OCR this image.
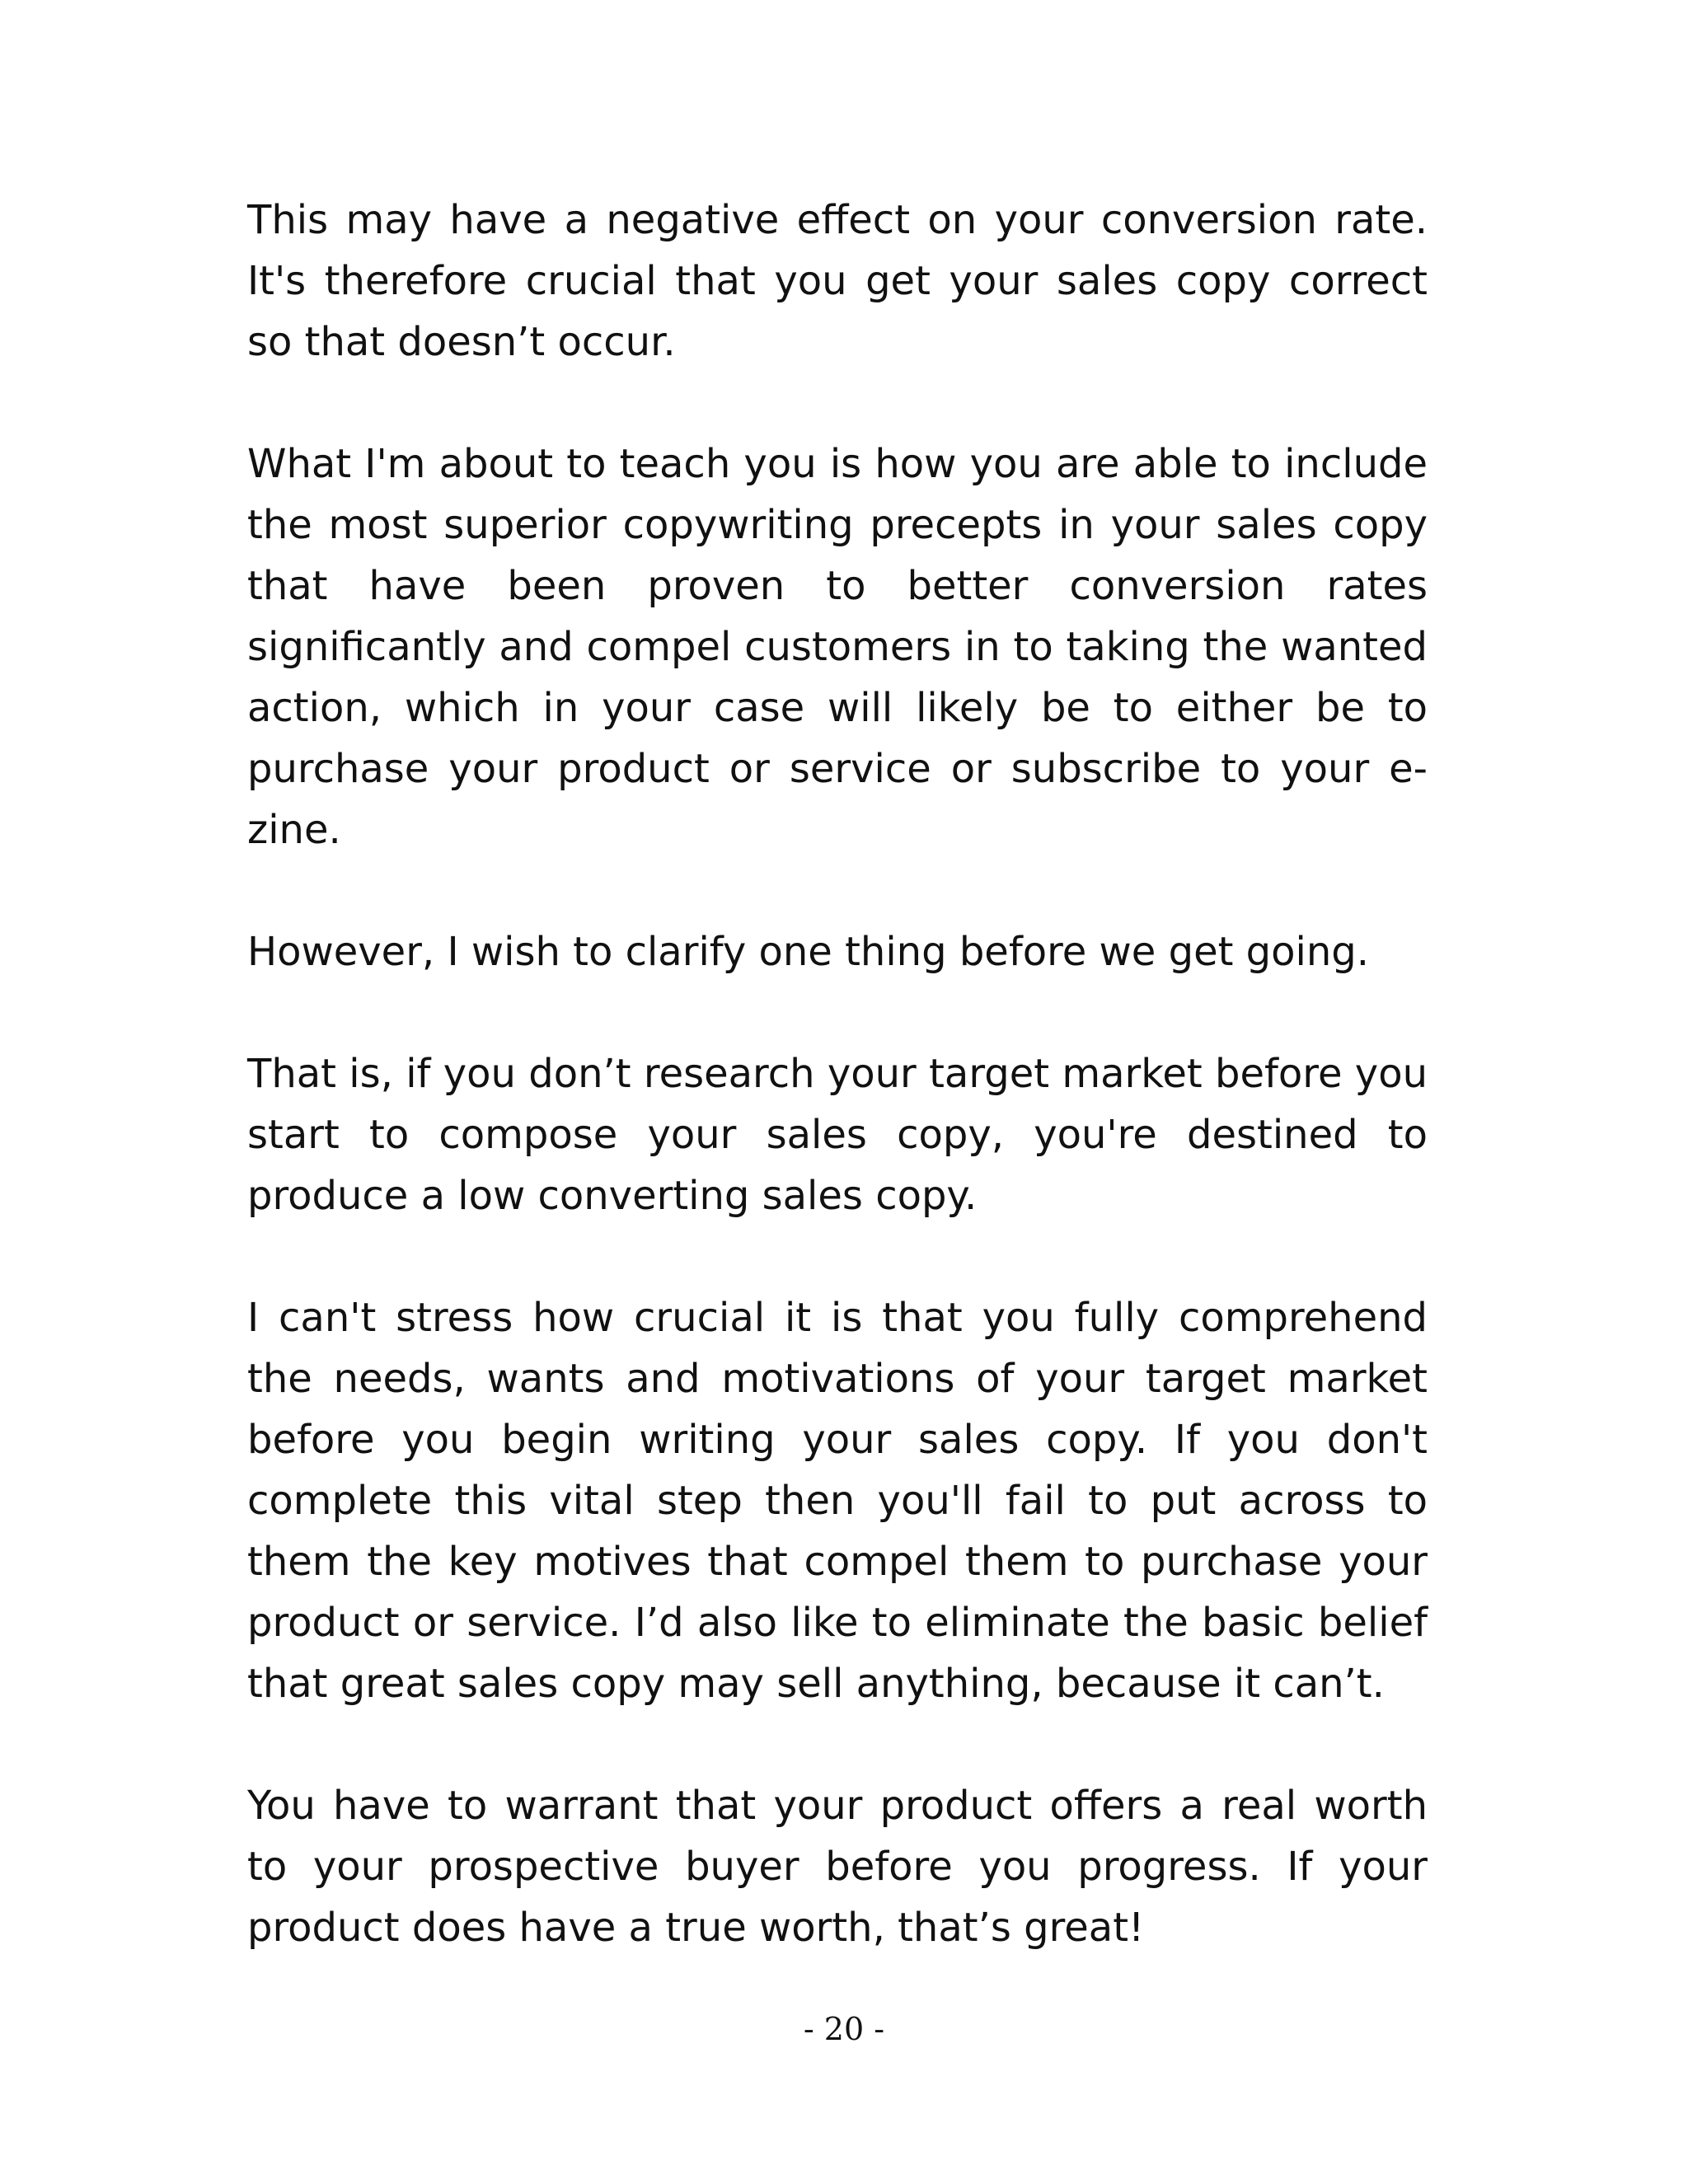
This may have a negative effect on your conversion rate. It's therefore crucial that you get your sales copy correct so that doesn’t occur.

What I'm about to teach you is how you are able to include the most superior copywriting precepts in your sales copy that have been proven to better conversion rates significantly and compel customers in to taking the wanted action, which in your case will likely be to either be to purchase your product or service or subscribe to your e-zine.

However, I wish to clarify one thing before we get going.

That is, if you don’t research your target market before you start to compose your sales copy, you're destined to produce a low converting sales copy.

I can't stress how crucial it is that you fully comprehend the needs, wants and motivations of your target market before you begin writing your sales copy. If you don't complete this vital step then you'll fail to put across to them the key motives that compel them to purchase your product or service. I’d also like to eliminate the basic belief that great sales copy may sell anything, because it can’t.

You have to warrant that your product offers a real worth to your prospective buyer before you progress. If your product does have a true worth, that’s great!

- 20 -
